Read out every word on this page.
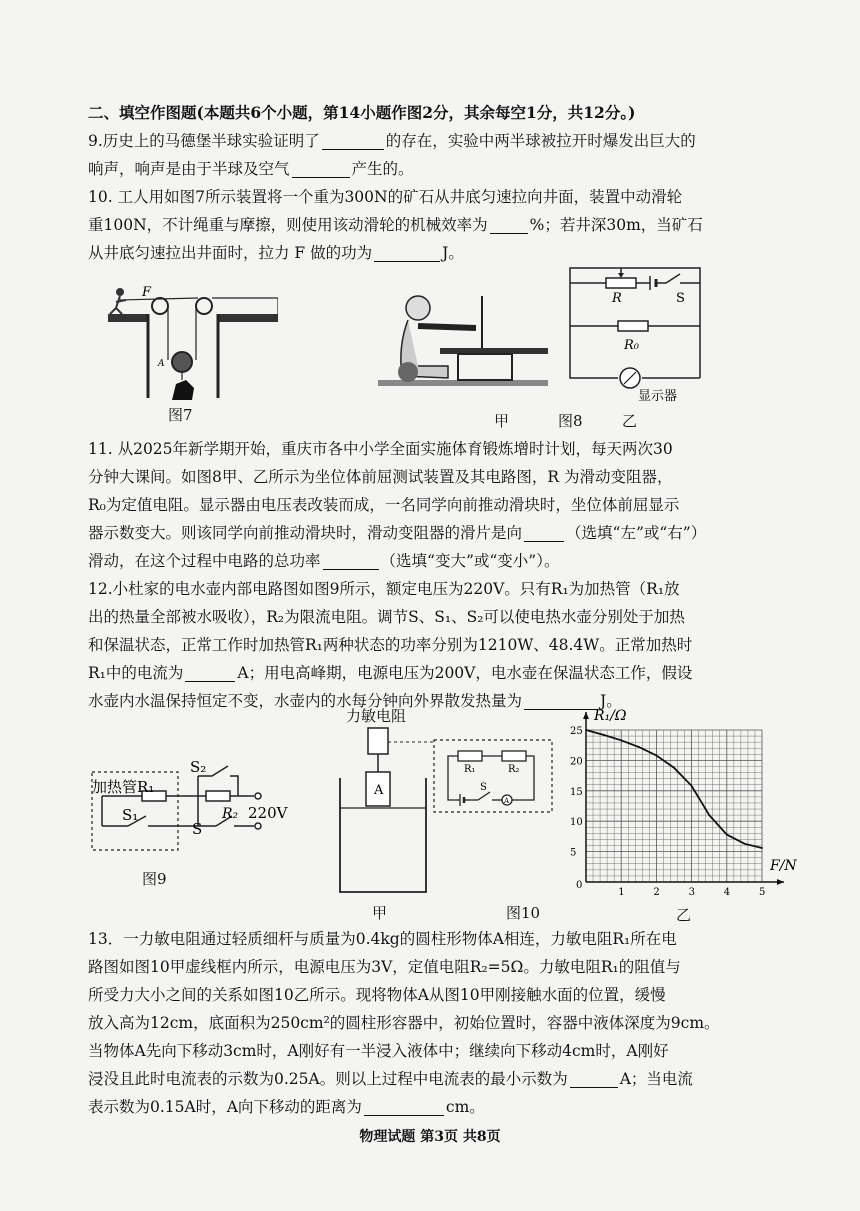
二、填空作图题(本题共6个小题，第14小题作图2分，其余每空1分，共12分。)
9.历史上的马德堡半球实验证明了	的存在，实验中两半球被拉开时爆发出巨大的
响声，响声是由于半球及空气	产生的。
10. 工人用如图7所示装置将一个重为300N的矿石从井底匀速拉向井面，装置中动滑轮
重100N，不计绳重与摩擦，则使用该动滑轮的机械效率为	%；若井深30m，当矿石
从井底匀速拉出井面时，拉力 F 做的功为	J。
F
A
图7	甲	图8	乙
R	S
R₀
显示器
11. 从2025年新学期开始，重庆市各中小学全面实施体育锻炼增时计划，每天两次30
分钟大课间。如图8甲、乙所示为坐位体前屈测试装置及其电路图，R 为滑动变阻器，
R₀为定值电阻。显示器由电压表改装而成，一名同学向前推动滑块时，坐位体前屈显示
器示数变大。则该同学向前推动滑块时，滑动变阻器的滑片是向	（选填“左”或“右”）
滑动，在这个过程中电路的总功率	（选填“变大”或“变小”）。
12.小杜家的电水壶内部电路图如图9所示，额定电压为220V。只有R₁为加热管（R₁放
出的热量全部被水吸收），R₂为限流电阻。调节S、S₁、S₂可以使电热水壶分别处于加热
和保温状态，正常工作时加热管R₁两种状态的功率分别为1210W、48.4W。正常加热时
R₁中的电流为	A；用电高峰期，电源电压为200V，电水壶在保温状态工作，假设
水壶内水温保持恒定不变，水壶内的水每分钟向外界散发热量为	J。
加热管R₁
S₂
S₁
S
R₂ 220V
图9
力敏电阻
A
A
R₁	R₂
S
甲	图10	乙
1	2	3	4	5
5
10
15
20
25
R₁/Ω
F/N
0
13．一力敏电阻通过轻质细杆与质量为0.4kg的圆柱形物体A相连，力敏电阻R₁所在电
路图如图10甲虚线框内所示，电源电压为3V，定值电阻R₂=5Ω。力敏电阻R₁的阻值与
所受力大小之间的关系如图10乙所示。现将物体A从图10甲刚接触水面的位置，缓慢
放入高为12cm，底面积为250cm²的圆柱形容器中，初始位置时，容器中液体深度为9cm。
当物体A先向下移动3cm时，A刚好有一半浸入液体中；继续向下移动4cm时，A刚好
浸没且此时电流表的示数为0.25A。则以上过程中电流表的最小示数为	A；当电流
表示数为0.15A时，A向下移动的距离为	cm。
物理试题 第3页 共8页
